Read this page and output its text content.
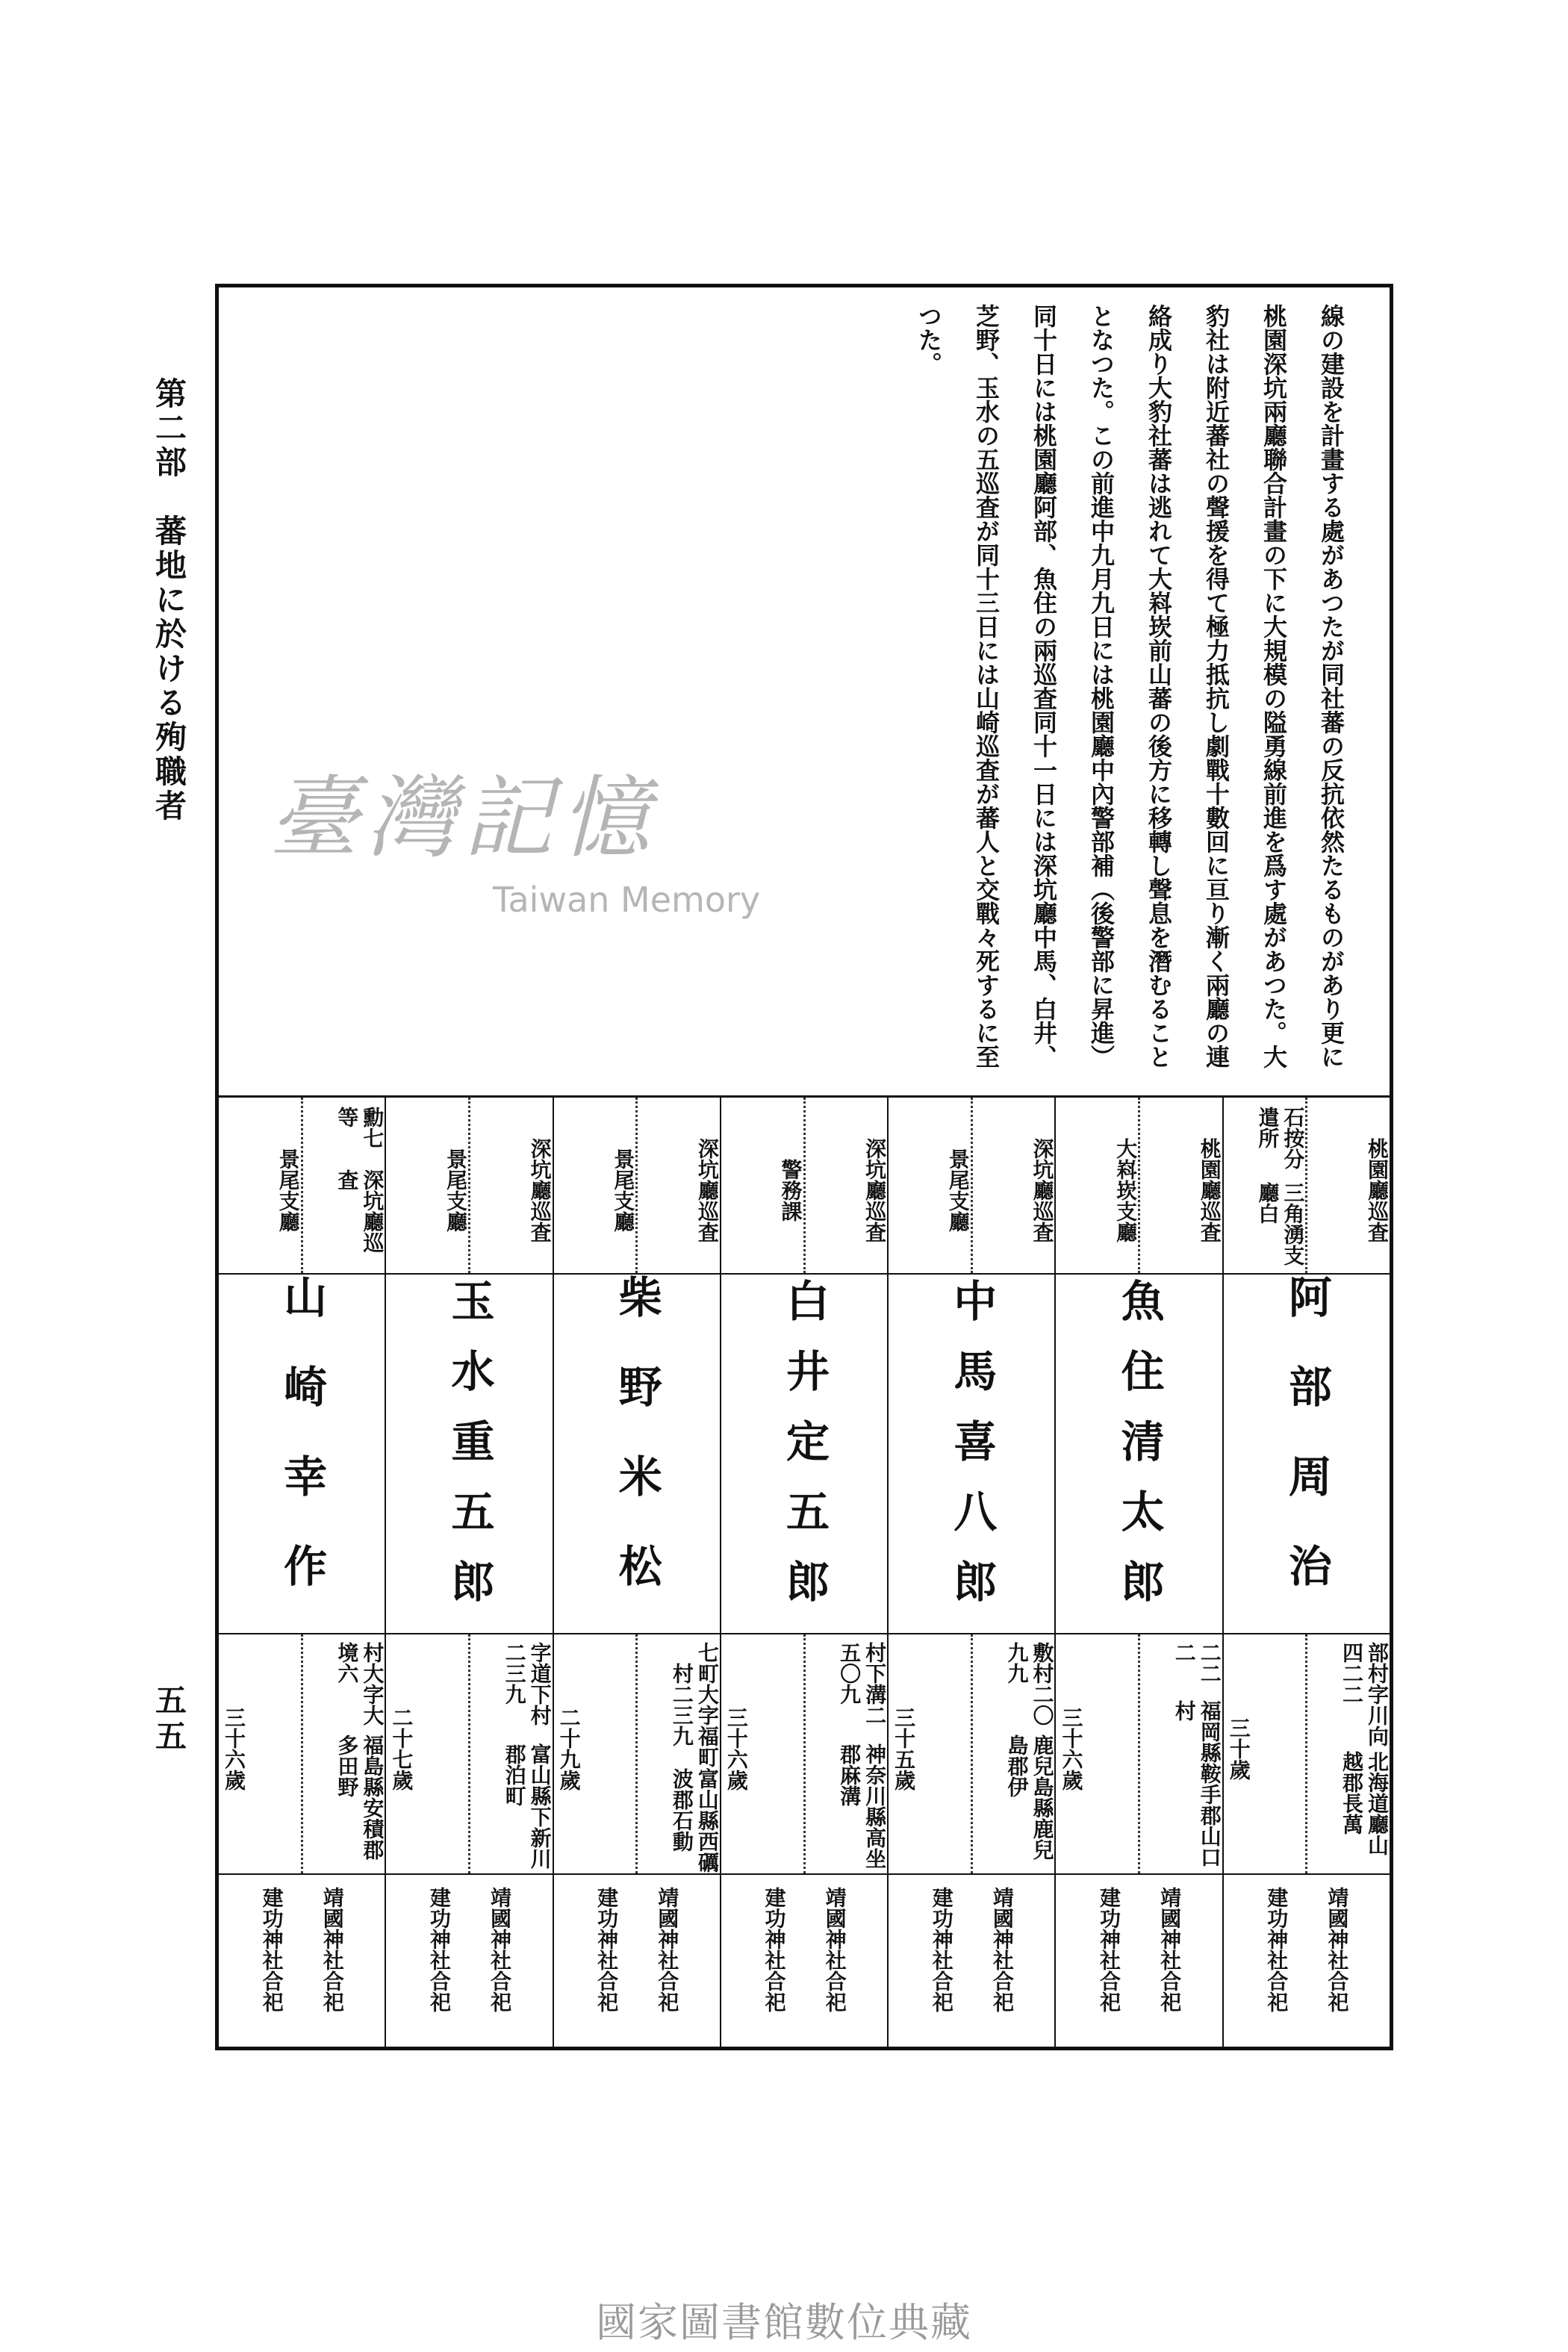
第二部　蕃地に於ける殉職者
五五
線の建設を計畫する處があつたが同社蕃の反抗依然たるものがあり更に
桃園深坑兩廳聯合計畫の下に大規模の隘勇線前進を爲す處があつた。大
豹社は附近蕃社の聲援を得て極力抵抗し劇戰十數回に亘り漸く兩廳の連
絡成り大豹社蕃は逃れて大嵙崁前山蕃の後方に移轉し聲息を潛むること
となつた。この前進中九月九日には桃園廳中內警部補（後警部に昇進）
同十日には桃園廳阿部、魚住の兩巡査同十一日には深坑廳中馬、白井、
芝野、玉水の五巡査が同十三日には山崎巡査が蕃人と交戰々死するに至
つた。
桃園廳巡査
三角湧支廳白
石按分遣所
阿部周治
北海道廳山越郡長萬
部村字川向四二二
三十歲
靖國神社合祀
建功神社合祀
桃園廳巡査
大嵙崁支廳
魚住清太郎
福岡縣鞍手郡山口村
二二二
三十六歲
靖國神社合祀
建功神社合祀
深坑廳巡査
景尾支廳
中馬喜八郎
鹿兒島縣鹿兒島郡伊
敷村二〇九九
三十五歲
靖國神社合祀
建功神社合祀
深坑廳巡査
警務課
白井定五郎
神奈川縣高坐郡麻溝
村下溝二五〇九
三十六歲
靖國神社合祀
建功神社合祀
深坑廳巡査
景尾支廳
柴野米松
富山縣西礪波郡石動
町大字福町村二三九
七
二十九歲
靖國神社合祀
建功神社合祀
深坑廳巡査
景尾支廳
玉水重五郎
富山縣下新川郡泊町
字道下村二三九
二十七歲
靖國神社合祀
建功神社合祀
深坑廳巡査
勳七等
景尾支廳
山崎幸作
福島縣安積郡多田野
村大字大境六
三十六歲
靖國神社合祀
建功神社合祀
臺灣記憶
Taiwan Memory
國家圖書館數位典藏
